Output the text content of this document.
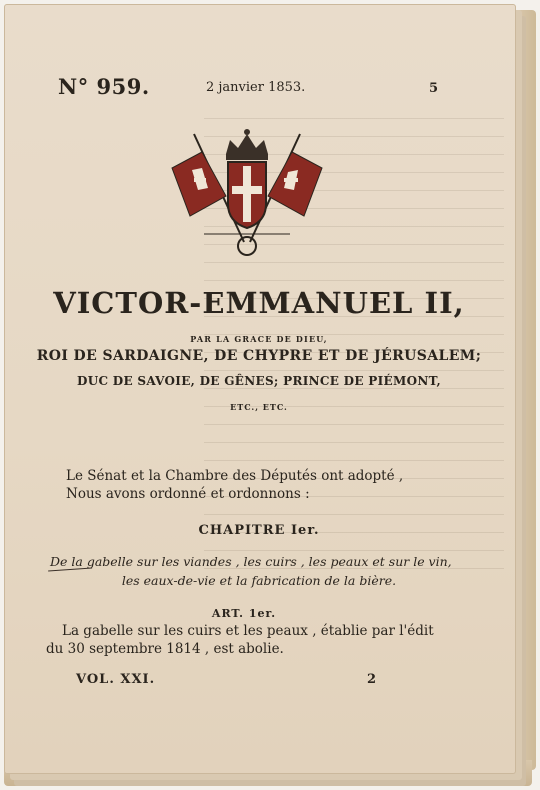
N° 959.	2 janvier 1853.	5
VICTOR-EMMANUEL II,
PAR LA GRACE DE DIEU,
ROI DE SARDAIGNE, DE CHYPRE ET DE JÉRUSALEM;
DUC DE SAVOIE, DE GÊNES; PRINCE DE PIÉMONT,
ETC., ETC.
Le Sénat et la Chambre des Députés ont adopté ,
Nous avons ordonné et ordonnons :
CHAPITRE Ier.
De la gabelle sur les viandes , les cuirs , les peaux et sur le vin,
les eaux-de-vie et la fabrication de la bière.
ART. 1er.
La gabelle sur les cuirs et les peaux , établie par l'édit
du 30 septembre 1814 , est abolie.
VOL. XXI.	2
